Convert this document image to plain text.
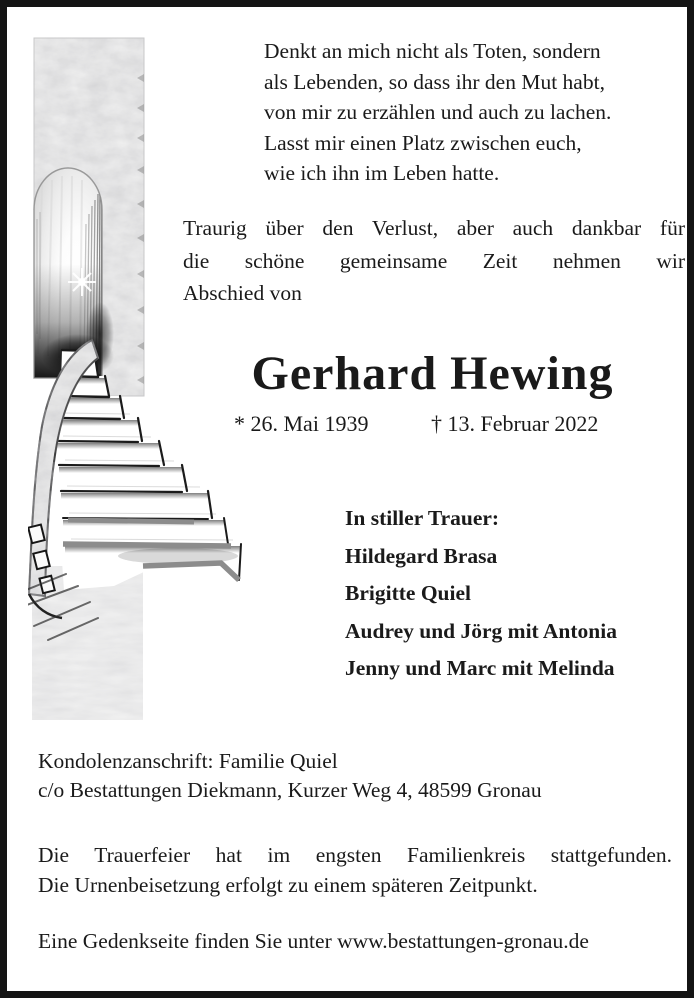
Denkt an mich nicht als Toten, sondern
als Lebenden, so dass ihr den Mut habt,
von mir zu erzählen und auch zu lachen.
Lasst mir einen Platz zwischen euch,
wie ich ihn im Leben hatte.
Traurig über den Verlust, aber auch dankbar für
die schöne gemeinsame Zeit nehmen wir
Abschied von
Gerhard Hewing
* 26. Mai 1939	† 13. Februar 2022
In stiller Trauer:
Hildegard Brasa
Brigitte Quiel
Audrey und Jörg mit Antonia
Jenny und Marc mit Melinda
Kondolenzanschrift: Familie Quiel
c/o Bestattungen Diekmann, Kurzer Weg 4, 48599 Gronau
Die Trauerfeier hat im engsten Familienkreis stattgefunden.
Die Urnenbeisetzung erfolgt zu einem späteren Zeitpunkt.
Eine Gedenkseite finden Sie unter www.bestattungen-gronau.de
